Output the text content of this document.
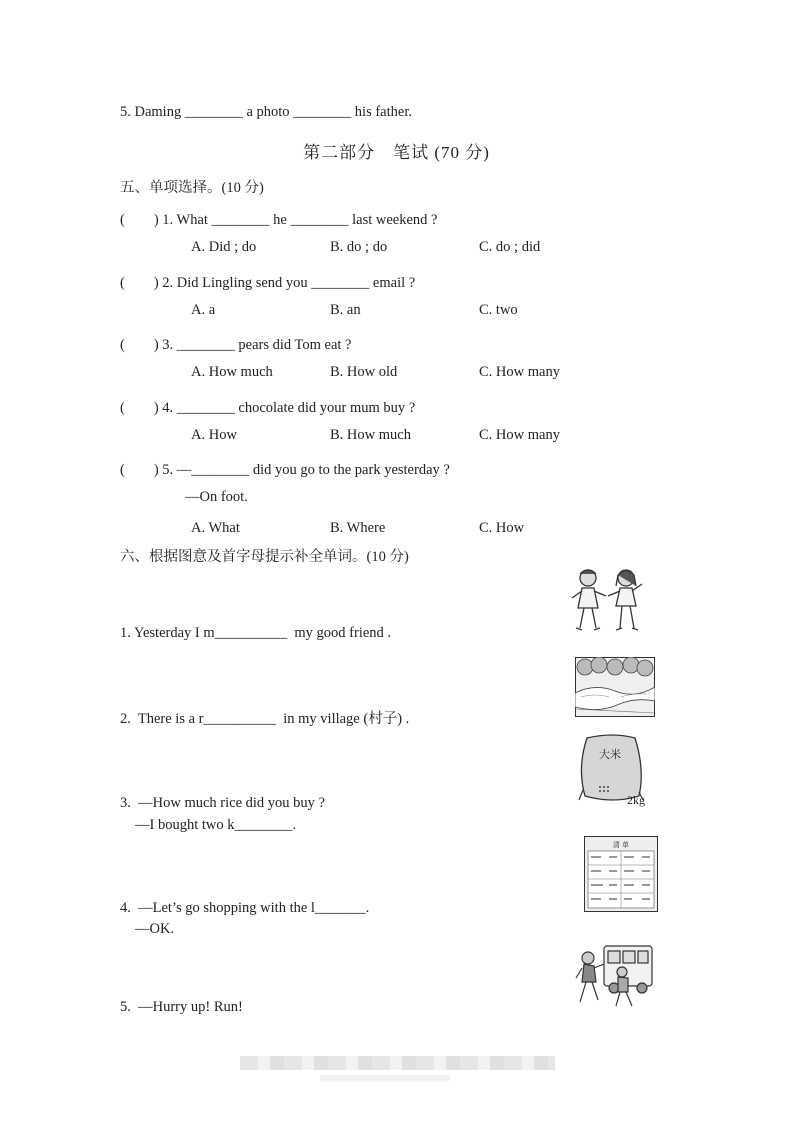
5. Daming ________ a photo ________ his father.
第二部分　笔试 (70 分)
五、单项选择。(10 分)
(　　) 1. What ________ he ________ last weekend ?
A. Did ; do	B. do ; do	C. do ; did
(　　) 2. Did Lingling send you ________ email ?
A. a	B. an	C. two
(　　) 3. ________ pears did Tom eat ?
A. How much	B. How old	C. How many
(　　) 4. ________ chocolate did your mum buy ?
A. How	B. How much	C. How many
(　　) 5. —________ did you go to the park yesterday ?
—On foot.
A. What	B. Where	C. How
六、根据图意及首字母提示补全单词。(10 分)
1. Yesterday I m__________  my good friend .
2.  There is a r__________  in my village (村子) .
3.  —How much rice did you buy ?
—I bought two k________.
4.  —Let’s go shopping with the l_______.
—OK.
5.  —Hurry up! Run!
大米
2kg
清 单
